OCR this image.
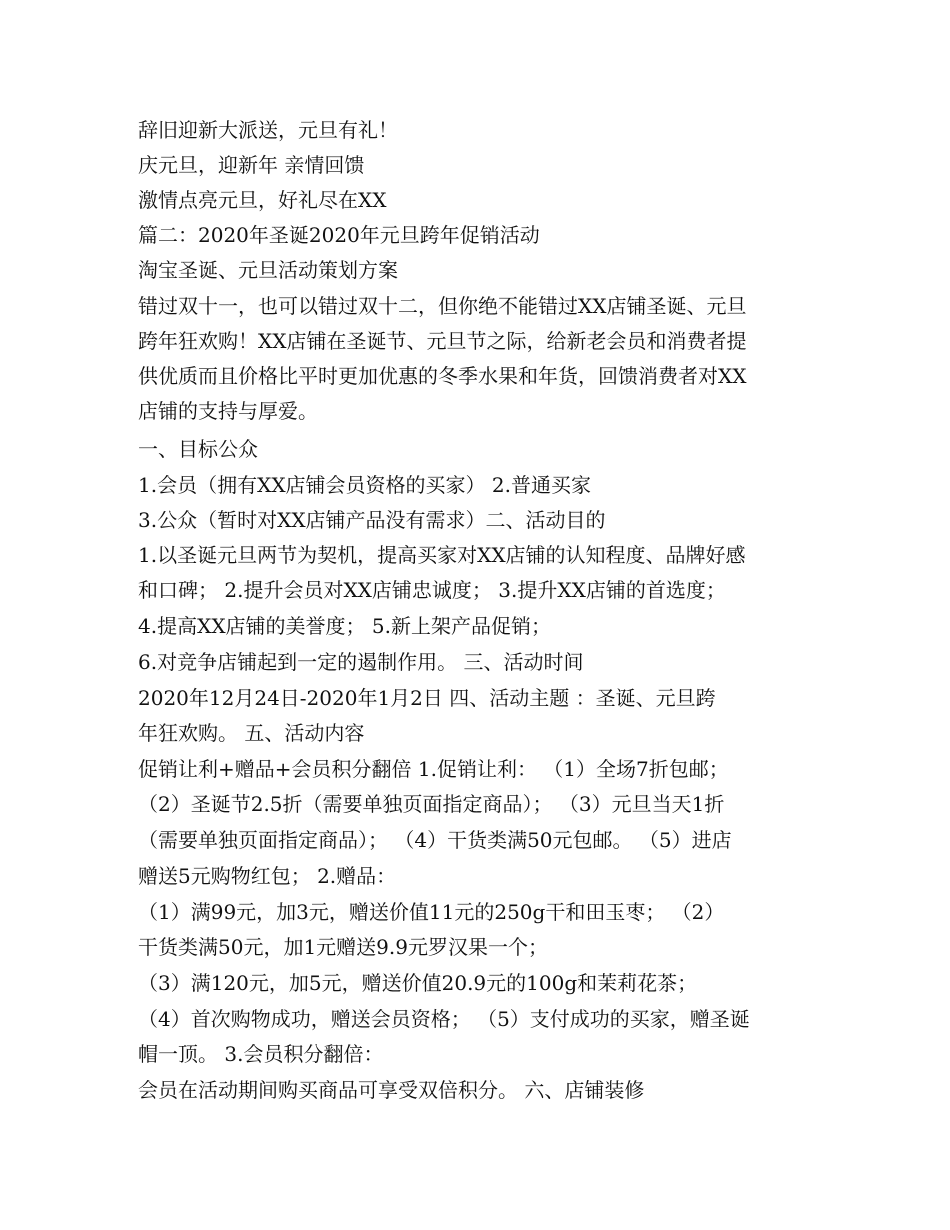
辞旧迎新大派送，元旦有礼！
庆元旦，迎新年 亲情回馈
激情点亮元旦，好礼尽在XX
篇二：2020年圣诞2020年元旦跨年促销活动
淘宝圣诞、元旦活动策划方案
错过双十一，也可以错过双十二，但你绝不能错过XX店铺圣诞、元旦
跨年狂欢购！XX店铺在圣诞节、元旦节之际，给新老会员和消费者提
供优质而且价格比平时更加优惠的冬季水果和年货，回馈消费者对XX
店铺的支持与厚爱。
一、目标公众
1.会员（拥有XX店铺会员资格的买家） 2.普通买家
3.公众（暂时对XX店铺产品没有需求）二、活动目的
1.以圣诞元旦两节为契机，提高买家对XX店铺的认知程度、品牌好感
和口碑； 2.提升会员对XX店铺忠诚度； 3.提升XX店铺的首选度；
4.提高XX店铺的美誉度； 5.新上架产品促销；
6.对竞争店铺起到一定的遏制作用。 三、活动时间
2020年12月24日-2020年1月2日 四、活动主题 ：圣诞、元旦跨
年狂欢购。 五、活动内容
促销让利+赠品+会员积分翻倍 1.促销让利： （1）全场7折包邮；
（2）圣诞节2.5折（需要单独页面指定商品）； （3）元旦当天1折
（需要单独页面指定商品）； （4）干货类满50元包邮。 （5）进店
赠送5元购物红包； 2.赠品：
（1）满99元，加3元，赠送价值11元的250g干和田玉枣； （2）
干货类满50元，加1元赠送9.9元罗汉果一个；
（3）满120元，加5元，赠送价值20.9元的100g和茉莉花茶；
（4）首次购物成功，赠送会员资格； （5）支付成功的买家，赠圣诞
帽一顶。 3.会员积分翻倍：
会员在活动期间购买商品可享受双倍积分。 六、店铺装修
